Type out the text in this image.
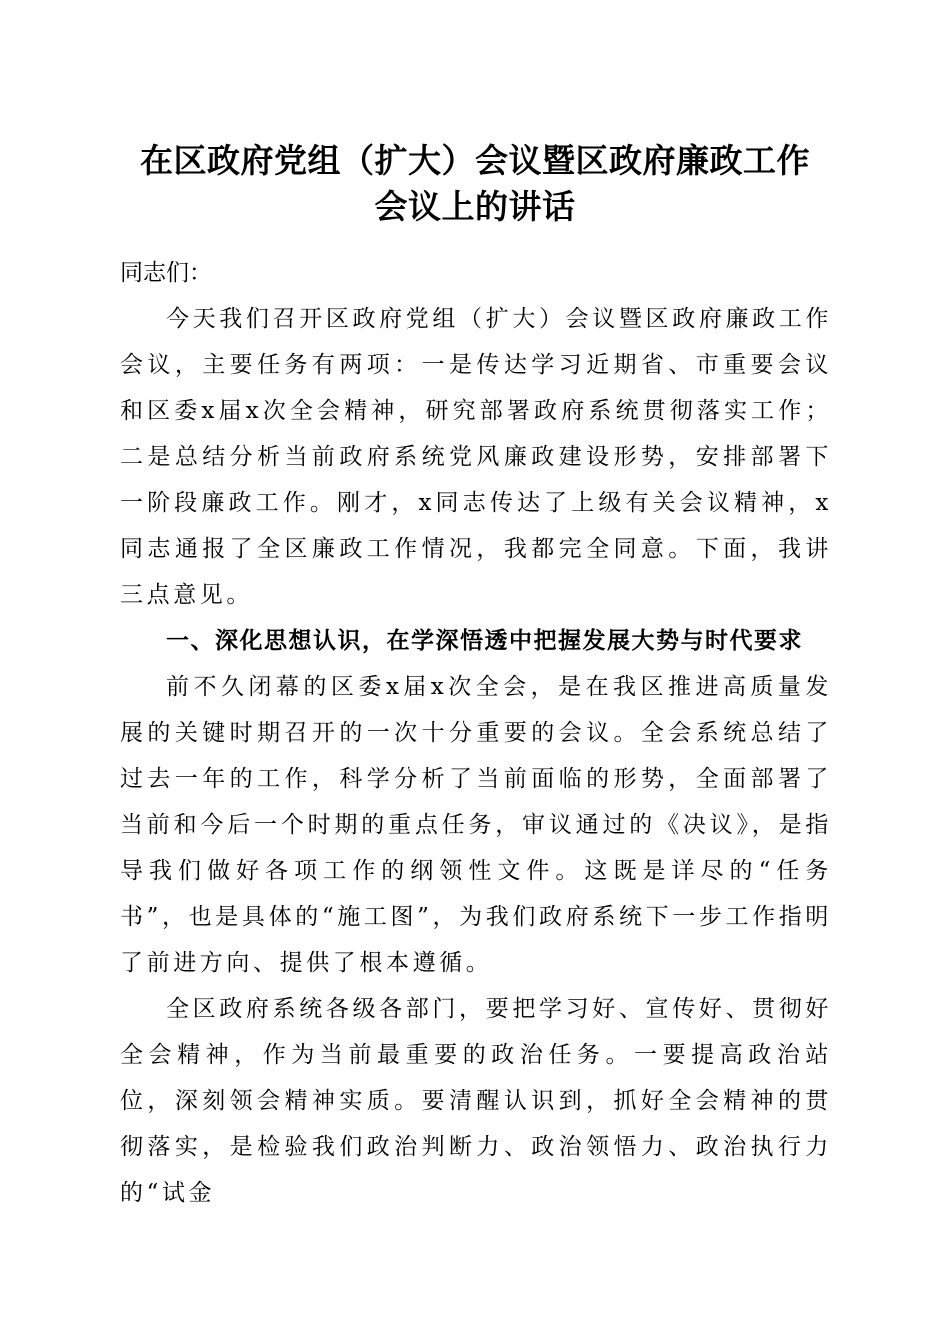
在区政府党组（扩大）会议暨区政府廉政工作
会议上的讲话

同志们：

今天我们召开区政府党组（扩大）会议暨区政府廉政工作会议，主要任务有两项：一是传达学习近期省、市重要会议和区委x届x次全会精神，研究部署政府系统贯彻落实工作；二是总结分析当前政府系统党风廉政建设形势，安排部署下一阶段廉政工作。刚才，x同志传达了上级有关会议精神，x同志通报了全区廉政工作情况，我都完全同意。下面，我讲三点意见。

一、深化思想认识，在学深悟透中把握发展大势与时代要求

前不久闭幕的区委x届x次全会，是在我区推进高质量发展的关键时期召开的一次十分重要的会议。全会系统总结了过去一年的工作，科学分析了当前面临的形势，全面部署了当前和今后一个时期的重点任务，审议通过的《决议》，是指导我们做好各项工作的纲领性文件。这既是详尽的“任务书”，也是具体的“施工图”，为我们政府系统下一步工作指明了前进方向、提供了根本遵循。

全区政府系统各级各部门，要把学习好、宣传好、贯彻好全会精神，作为当前最重要的政治任务。一要提高政治站位，深刻领会精神实质。要清醒认识到，抓好全会精神的贯彻落实，是检验我们政治判断力、政治领悟力、政治执行力的“试金
